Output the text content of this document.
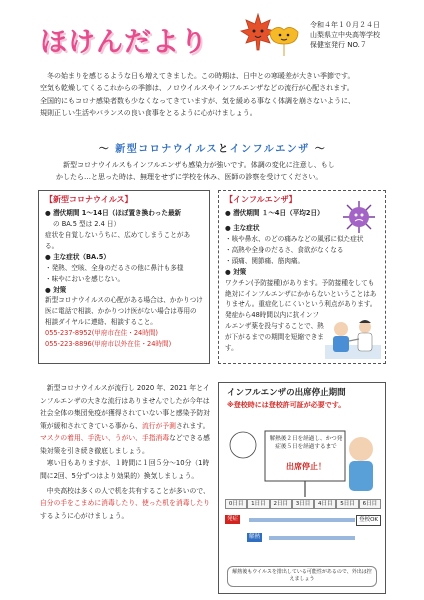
ほけんだより
令和４年１０月２４日
山梨県立中央高等学校
保健室発行 NO.７

冬の始まりを感じるような日も増えてきました。この時期は、日中との寒暖差が大きい季節です。

空気も乾燥してくるこれからの季節は、ノロウイルスやインフルエンザなどの流行が心配されます。
全国的にもコロナ感染者数も少なくなってきていますが、気を緩める事なく体調を崩さないように、
規則正しい生活やバランスの良い食事をとるように心がけましょう。
～ 新型コロナウイルスとインフルエンザ ～

新型コロナウイルスもインフルエンザも感染力が強いです。体調の変化に注意し、もし

かしたら…と思った時は、無理をせずに学校を休み、医師の診察を受けてください。
【新型コロナウイルス】
● 潜伏期間 1～14日（ほぼ置き換わった最新
の BA.5 型は 2.4 日）
症状を自覚しないうちに、広めてしまうことがある。
● 主な症状（BA.5）
・発熱、空咳、全身のだるさの他に鼻汁も多様
・味やにおいを感じない。
● 対策
新型コロナウイルスの心配がある場合は、かかりつけ医に電話で相談、かかりつけ医がない場合は専用の相談ダイヤルに連絡、相談すること。
055-237-8952(甲府市在住・24時間)
055-223-8896(甲府市以外在住・24時間)
【インフルエンザ】
● 潜伏期間 １～4日（平均2日）
● 主な症状
・咳や鼻水、のどの痛みなどの風邪に似た症状
・高熱や全身のだるさ、食欲がなくなる
・頭痛、関節痛、筋肉痛。
● 対策
ワクチン(予防接種)があります。予防接種をしても絶対にインフルエンザにかからないということはありません。重症化しにくいという利点があります。
発症から48時間以内に抗インフルエンザ薬を投与することで、熱が下がるまでの期間を短縮できます。

新型コロナウイルスが流行し 2020 年、2021 年とインフルエンザの大きな流行はありませんでしたが今年は社会全体の集団免疫が獲得されていない事と感染予防対策が緩和されてきている事から、流行が予測されます。

マスクの着用、手洗い、うがい、手指消毒などできる感染対策を引き続き徹底しましょう。

寒い日もありますが、１時間に１回５分～10分（1時間に2回、5分ずつはより効果的）換気しましょう。

中央高校は多くの人で机を共有することが多いので、自分の手をこまめに消毒したり、使った机を消毒したりするように心がけましょう。

インフルエンザの出席停止期間
※登校時には登校許可証が必要です。
解熱後２日を経過し、かつ発症後５日を経過するまで
出席停止！
0日目	1日目	2日目	3日目	4日目	5日目	6日目
発症	登校OK
解熱
解熱後もウイルスを排出している可能性があるので、外出は控えましょう
